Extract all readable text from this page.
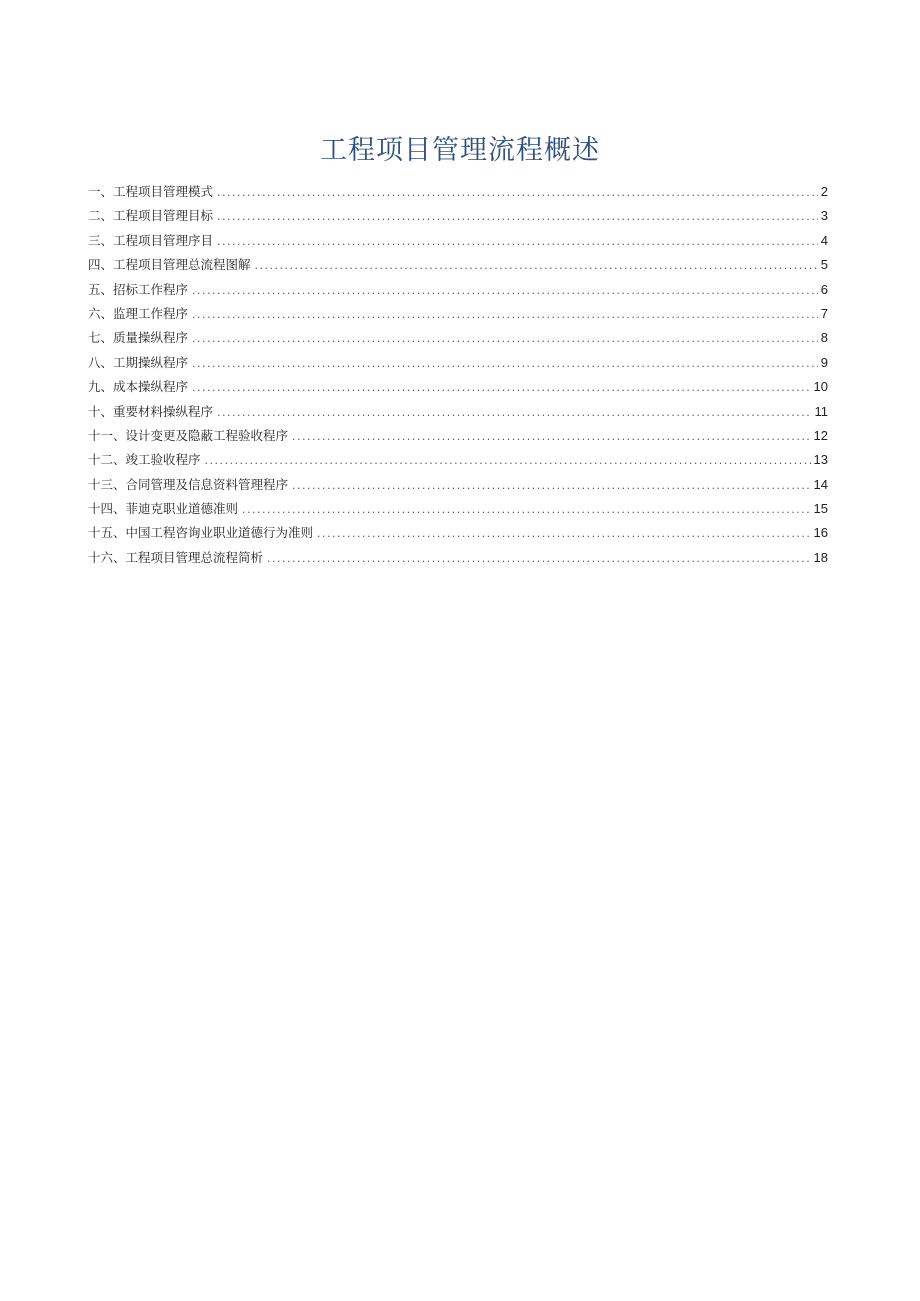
工程项目管理流程概述
一、工程项目管理模式 . . .	2
二、工程项目管理目标 . . .	3
三、工程项目管理序目 . . .	4
四、工程项目管理总流程图解 . . .	5
五、招标工作程序 . . .	6
六、监理工作程序 . . .	7
七、质量操纵程序 . . .	8
八、工期操纵程序 . . .	9
九、成本操纵程序 . . .	10
十、重要材料操纵程序 . . .	11
十一、设计变更及隐蔽工程验收程序 . . .	12
十二、竣工验收程序 . . .	13
十三、合同管理及信息资料管理程序 . . .	14
十四、菲迪克职业道德准则 . . .	15
十五、中国工程咨询业职业道德行为准则 . . .	16
十六、工程项目管理总流程简析 . . .	18
